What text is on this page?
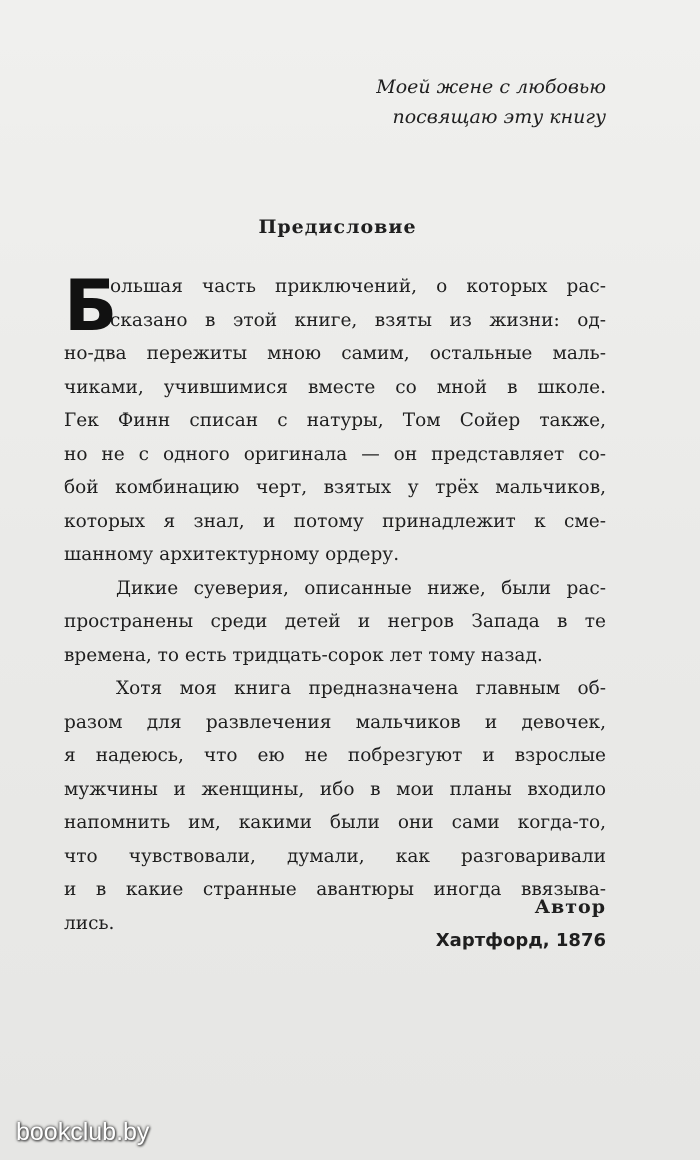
Моей жене с любовью
посвящаю эту книгу
Предисловие
Б
ольшая часть приключений, о которых рас-
сказано в этой книге, взяты из жизни: од-
но-два пережиты мною самим, остальные маль-
чиками, учившимися вместе со мной в школе.
Гек Финн списан с натуры, Том Сойер также,
но не с одного оригинала — он представляет со-
бой комбинацию черт, взятых у трёх мальчиков,
которых я знал, и потому принадлежит к сме-
шанному архитектурному ордеру.
Дикие суеверия, описанные ниже, были рас-
пространены среди детей и негров Запада в те
времена, то есть тридцать-сорок лет тому назад.
Хотя моя книга предназначена главным об-
разом для развлечения мальчиков и девочек,
я надеюсь, что ею не побрезгуют и взрослые
мужчины и женщины, ибо в мои планы входило
напомнить им, какими были они сами когда-то,
что чувствовали, думали, как разговаривали
и в какие странные авантюры иногда ввязыва-
лись.
Автор
Хартфорд, 1876
bookclub.by
